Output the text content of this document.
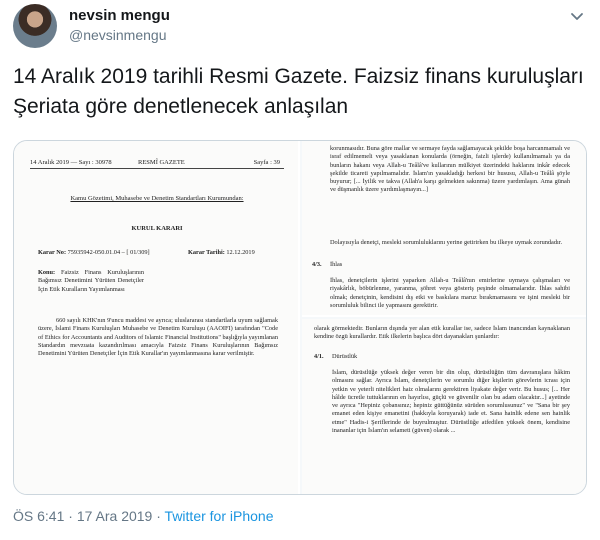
nevsin mengu
@nevsinmengu
14 Aralık 2019 tarihli Resmi Gazete. Faizsiz finans kuruluşları Şeriata göre denetlenecek anlaşılan
14 Aralık 2019 — Sayı : 30978	RESMÎ GAZETE	Sayfa : 39
Kamu Gözetimi, Muhasebe ve Denetim Standartları Kurumundan:
KURUL KARARI
Karar No: 75935942-050.01.04 – [ 01/309]	Karar Tarihi: 12.12.2019
Konu: Faizsiz Finans Kuruluşlarının Bağımsız Denetimini Yürüten Denetçiler İçin Etik Kuralların Yayımlanması
660 sayılı KHK'nın 9'uncu maddesi ve ayrıca; uluslararası standartlarla uyum sağlamak üzere, İslami Finans Kuruluşları Muhasebe ve Denetim Kuruluşu (AAOIFI) tarafından "Code of Ethics for Accountants and Auditors of Islamic Financial Institutions" başlığıyla yayımlanan Standardın mevzuata kazandırılması amacıyla Faizsiz Finans Kuruluşlarının Bağımsız Denetimini Yürüten Denetçiler İçin Etik Kurallar'ın yayımlanmasına karar verilmiştir.
korunmasıdır. Buna göre mallar ve sermaye fayda sağlamayacak şekilde boşa harcanmamalı ve israf edilmemeli veya yasaklanan konularda (örneğin, faizli işlerde) kullanılmamalı ya da bunların hakanı veya Allah-u Teâlâ've kullarının mülkiyet üzerindeki haklarını inkâr edecek şekilde ticareti yapılmamalıdır. İslam'ın yasakladığı herkesi bir hususu, Allah-u Teâlâ şöyle buyurur; [... İyilik ve takva (Allah'a karşı gelmekten sakınma) üzere yardımlaşın. Ama günah ve düşmanlık üzere yardımlaşmayın...]
Dolayısıyla denetçi, mesleki sorumluluklarını yerine getirirken bu ilkeye uymak zorundadır.
4/3. İhlas
İhlas, denetçilerin işlerini yaparken Allah-u Teâlâ'nın emirlerine uymaya çalışmaları ve riyakârlık, böbürlenme, yaranma, şöhret veya gösteriş peşinde olmamalarıdır. İhlas sahibi olmak; denetçinin, kendisini dış etki ve baskılara maruz bırakmamasını ve işini mesleki bir sorumluluk bilinci ile yapmasını gerektirir.
olarak görmektedir. Bunların dışında yer alan etik kurallar ise, sadece İslam inancından kaynaklanan kendine özgü kurallardır. Etik ilkelerin başlıca dört dayanakları şunlardır:
4/1. Dürüstlük
İslam, dürüstlüğe yüksek değer veren bir din olup, dürüstlüğün tüm davranışlara hâkim olmasını sağlar. Ayrıca İslam, denetçilerin ve sorumlu diğer kişilerin görevlerin icrası için yetkin ve yeterli nitelikleri haiz olmalarını gerektiren liyakate değer verir. Bu husus; [... Her hâlde ücretle tuttuklarının en hayırlısı, güçlü ve güvenilir olan bu adam olacaktır...] ayetinde ve ayrıca "Hepiniz çobansınız; hepiniz güttüğünüz sürüden sorumlusunuz" ve "Sana bir şey emanet eden kişiye emanetini (hakkıyla koruyarak) iade et. Sana hainlik edene sen hainlik etme" Hadis-i Şeriflerinde de buyrulmuştur. Dürüstlüğe atfedilen yüksek önem, kendisine inananlar için İslam'ın selameti (güven) olarak ...
ÖS 6:41 · 17 Ara 2019 · Twitter for iPhone
